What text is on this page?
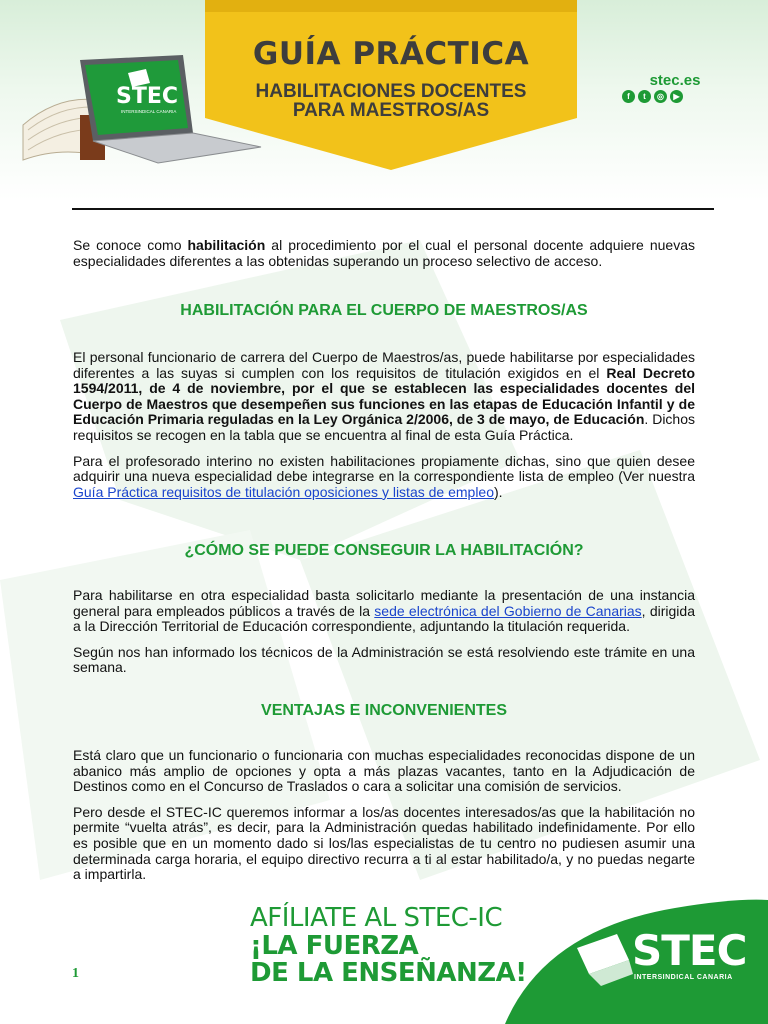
STEC
INTERSINDICAL CANARIA
GUÍA PRÁCTICA
HABILITACIONES DOCENTES
PARA MAESTROS/AS
stec.es
f	t	◎	▶

Se conoce como habilitación al procedimiento por el cual el personal docente adquiere nuevas especialidades diferentes a las obtenidas superando un proceso selectivo de acceso.

HABILITACIÓN PARA EL CUERPO DE MAESTROS/AS

El personal funcionario de carrera del Cuerpo de Maestros/as, puede habilitarse por especialidades diferentes a las suyas si cumplen con los requisitos de titulación exigidos en el Real Decreto 1594/2011, de 4 de noviembre, por el que se establecen las especialidades docentes del Cuerpo de Maestros que desempeñen sus funciones en las etapas de Educación Infantil y de Educación Primaria reguladas en la Ley Orgánica 2/2006, de 3 de mayo, de Educación. Dichos requisitos se recogen en la tabla que se encuentra al final de esta Guía Práctica.

Para el profesorado interino no existen habilitaciones propiamente dichas, sino que quien desee adquirir una nueva especialidad debe integrarse en la correspondiente lista de empleo (Ver nuestra Guía Práctica requisitos de titulación oposiciones y listas de empleo).

¿CÓMO SE PUEDE CONSEGUIR LA HABILITACIÓN?

Para habilitarse en otra especialidad basta solicitarlo mediante la presentación de una instancia general para empleados públicos a través de la sede electrónica del Gobierno de Canarias, dirigida a la Dirección Territorial de Educación correspondiente, adjuntando la titulación requerida.

Según nos han informado los técnicos de la Administración se está resolviendo este trámite en una semana.

VENTAJAS E INCONVENIENTES

Está claro que un funcionario o funcionaria con muchas especialidades reconocidas dispone de un abanico más amplio de opciones y opta a más plazas vacantes, tanto en la Adjudicación de Destinos como en el Concurso de Traslados o cara a solicitar una comisión de servicios.

Pero desde el STEC-IC queremos informar a los/as docentes interesados/as que la habilitación no permite “vuelta atrás”, es decir, para la Administración quedas habilitado indefinidamente. Por ello es posible que en un momento dado si los/las especialistas de tu centro no pudiesen asumir una determinada carga horaria, el equipo directivo recurra a ti al estar habilitado/a, y no puedas negarte a impartirla.

AFÍLIATE AL STEC-IC
¡LA FUERZA
DE LA ENSEÑANZA!
1	STEC
INTERSINDICAL CANARIA
